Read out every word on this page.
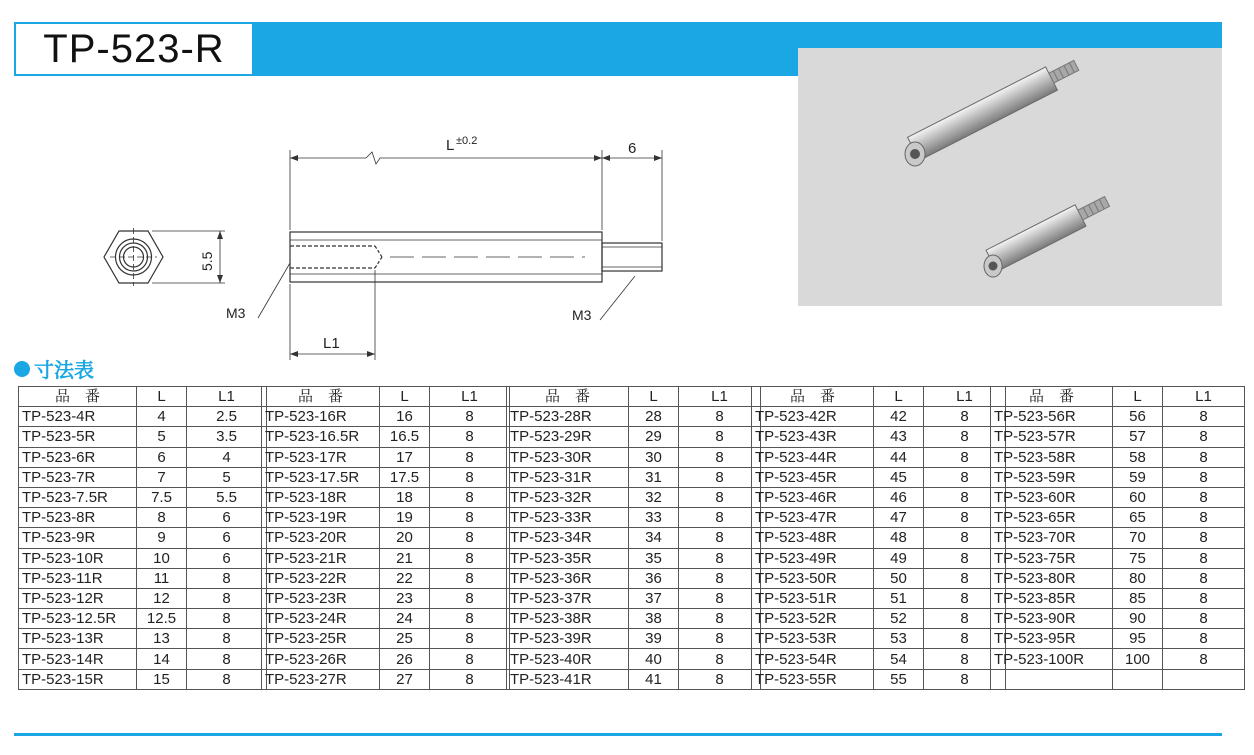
TP-523-R
L ±0.2	6
5.5
L1
M3	M3
寸法表
品　番	L	L1
TP-523-4R	4	2.5
TP-523-5R	5	3.5
TP-523-6R	6	4
TP-523-7R	7	5
TP-523-7.5R	7.5	5.5
TP-523-8R	8	6
TP-523-9R	9	6
TP-523-10R	10	6
TP-523-11R	11	8
TP-523-12R	12	8
TP-523-12.5R	12.5	8
TP-523-13R	13	8
TP-523-14R	14	8
TP-523-15R	15	8
品　番	L	L1
TP-523-16R	16	8
TP-523-16.5R	16.5	8
TP-523-17R	17	8
TP-523-17.5R	17.5	8
TP-523-18R	18	8
TP-523-19R	19	8
TP-523-20R	20	8
TP-523-21R	21	8
TP-523-22R	22	8
TP-523-23R	23	8
TP-523-24R	24	8
TP-523-25R	25	8
TP-523-26R	26	8
TP-523-27R	27	8
品　番	L	L1
TP-523-28R	28	8
TP-523-29R	29	8
TP-523-30R	30	8
TP-523-31R	31	8
TP-523-32R	32	8
TP-523-33R	33	8
TP-523-34R	34	8
TP-523-35R	35	8
TP-523-36R	36	8
TP-523-37R	37	8
TP-523-38R	38	8
TP-523-39R	39	8
TP-523-40R	40	8
TP-523-41R	41	8
品　番	L	L1
TP-523-42R	42	8
TP-523-43R	43	8
TP-523-44R	44	8
TP-523-45R	45	8
TP-523-46R	46	8
TP-523-47R	47	8
TP-523-48R	48	8
TP-523-49R	49	8
TP-523-50R	50	8
TP-523-51R	51	8
TP-523-52R	52	8
TP-523-53R	53	8
TP-523-54R	54	8
TP-523-55R	55	8
品　番	L	L1
TP-523-56R	56	8
TP-523-57R	57	8
TP-523-58R	58	8
TP-523-59R	59	8
TP-523-60R	60	8
TP-523-65R	65	8
TP-523-70R	70	8
TP-523-75R	75	8
TP-523-80R	80	8
TP-523-85R	85	8
TP-523-90R	90	8
TP-523-95R	95	8
TP-523-100R	100	8
